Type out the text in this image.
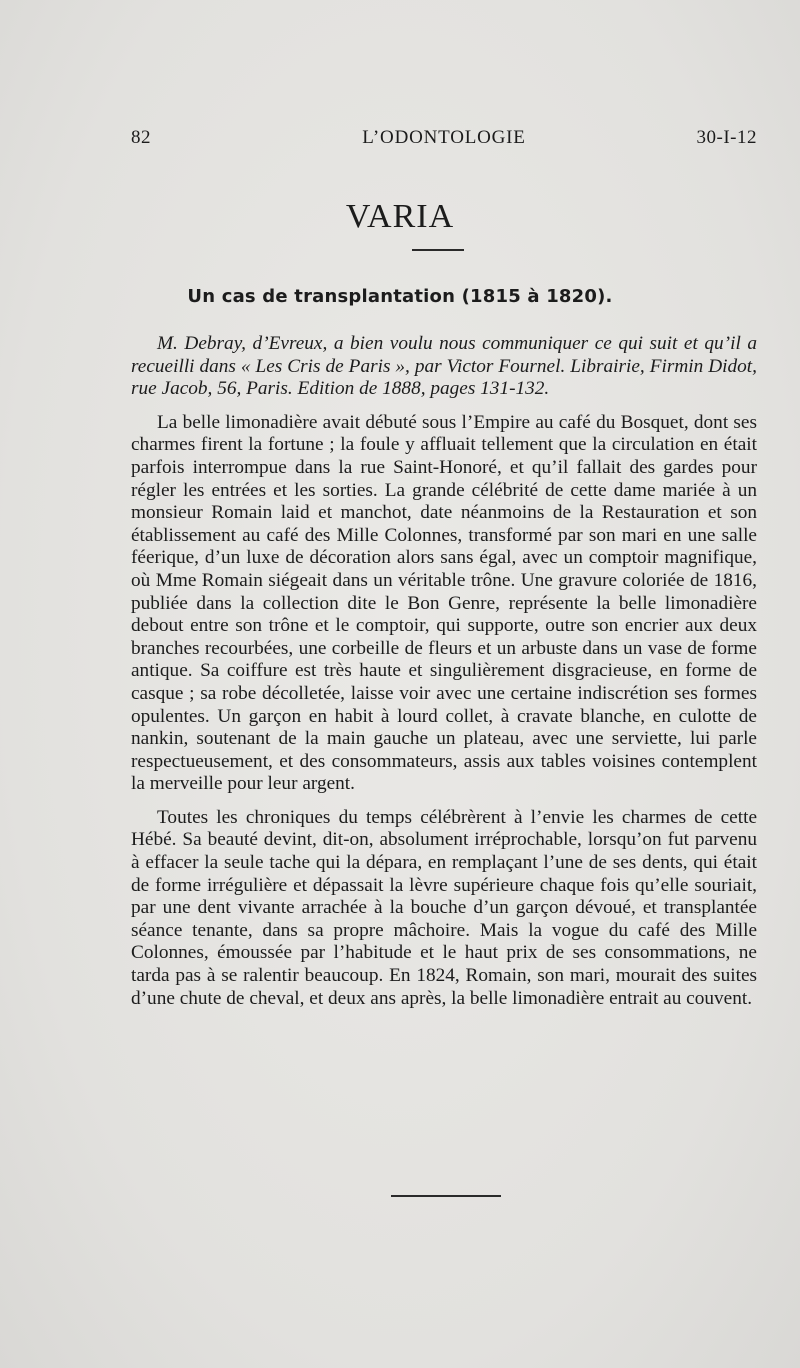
82	L’ODONTOLOGIE	30-I-12
VARIA
Un cas de transplantation (1815 à 1820).

M. Debray, d’Evreux, a bien voulu nous communiquer ce qui suit et qu’il a recueilli dans « Les Cris de Paris », par Victor Fournel. Librairie, Firmin Didot, rue Jacob, 56, Paris. Edition de 1888, pages 131-132.

La belle limonadière avait débuté sous l’Empire au café du Bosquet, dont ses charmes firent la fortune ; la foule y affluait tellement que la circulation en était parfois interrompue dans la rue Saint-Honoré, et qu’il fallait des gardes pour régler les entrées et les sorties. La grande célébrité de cette dame mariée à un monsieur Romain laid et manchot, date néanmoins de la Restauration et son établissement au café des Mille Colonnes, transformé par son mari en une salle féerique, d’un luxe de décoration alors sans égal, avec un comptoir magnifique, où Mme Romain siégeait dans un véritable trône. Une gravure coloriée de 1816, publiée dans la collection dite le Bon Genre, représente la belle limonadière debout entre son trône et le comptoir, qui supporte, outre son encrier aux deux branches recourbées, une corbeille de fleurs et un arbuste dans un vase de forme antique. Sa coiffure est très haute et singulièrement disgracieuse, en forme de casque ; sa robe décolletée, laisse voir avec une certaine indiscrétion ses formes opulentes. Un garçon en habit à lourd collet, à cravate blanche, en culotte de nankin, soutenant de la main gauche un plateau, avec une serviette, lui parle respectueusement, et des consommateurs, assis aux tables voisines contemplent la merveille pour leur argent.

Toutes les chroniques du temps célébrèrent à l’envie les charmes de cette Hébé. Sa beauté devint, dit-on, absolument irréprochable, lorsqu’on fut parvenu à effacer la seule tache qui la dépara, en remplaçant l’une de ses dents, qui était de forme irrégulière et dépassait la lèvre supérieure chaque fois qu’elle souriait, par une dent vivante arrachée à la bouche d’un garçon dévoué, et transplantée séance tenante, dans sa propre mâchoire. Mais la vogue du café des Mille Colonnes, émoussée par l’habitude et le haut prix de ses consommations, ne tarda pas à se ralentir beaucoup. En 1824, Romain, son mari, mourait des suites d’une chute de cheval, et deux ans après, la belle limonadière entrait au couvent.
